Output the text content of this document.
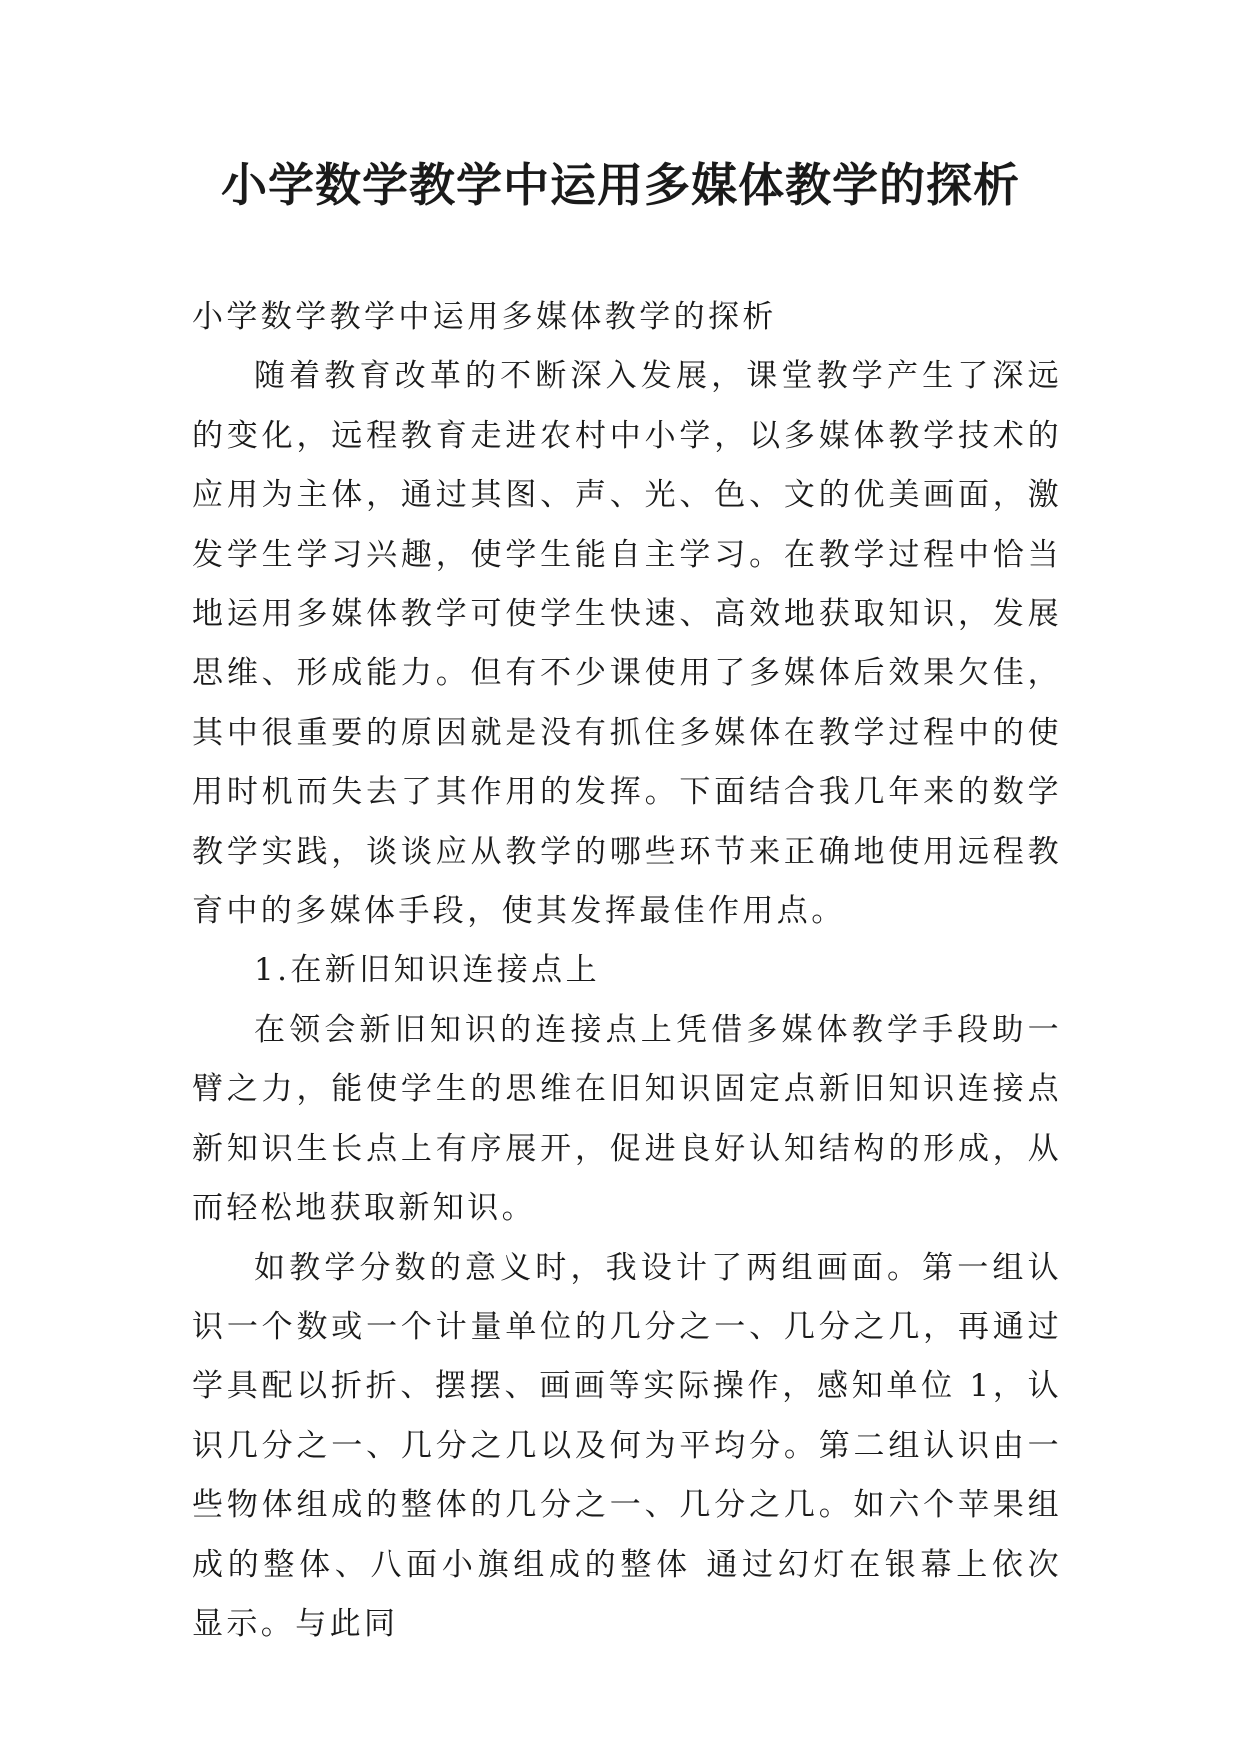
小学数学教学中运用多媒体教学的探析

小学数学教学中运用多媒体教学的探析

随着教育改革的不断深入发展，课堂教学产生了深远的变化，远程教育走进农村中小学，以多媒体教学技术的应用为主体，通过其图、声、光、色、文的优美画面，激发学生学习兴趣，使学生能自主学习。在教学过程中恰当地运用多媒体教学可使学生快速、高效地获取知识，发展思维、形成能力。但有不少课使用了多媒体后效果欠佳，其中很重要的原因就是没有抓住多媒体在教学过程中的使用时机而失去了其作用的发挥。下面结合我几年来的数学教学实践，谈谈应从教学的哪些环节来正确地使用远程教育中的多媒体手段，使其发挥最佳作用点。

1.在新旧知识连接点上

在领会新旧知识的连接点上凭借多媒体教学手段助一臂之力，能使学生的思维在旧知识固定点新旧知识连接点新知识生长点上有序展开，促进良好认知结构的形成，从而轻松地获取新知识。

如教学分数的意义时，我设计了两组画面。第一组认识一个数或一个计量单位的几分之一、几分之几，再通过学具配以折折、摆摆、画画等实际操作，感知单位 1，认识几分之一、几分之几以及何为平均分。第二组认识由一些物体组成的整体的几分之一、几分之几。如六个苹果组成的整体、八面小旗组成的整体 通过幻灯在银幕上依次显示。与此同
